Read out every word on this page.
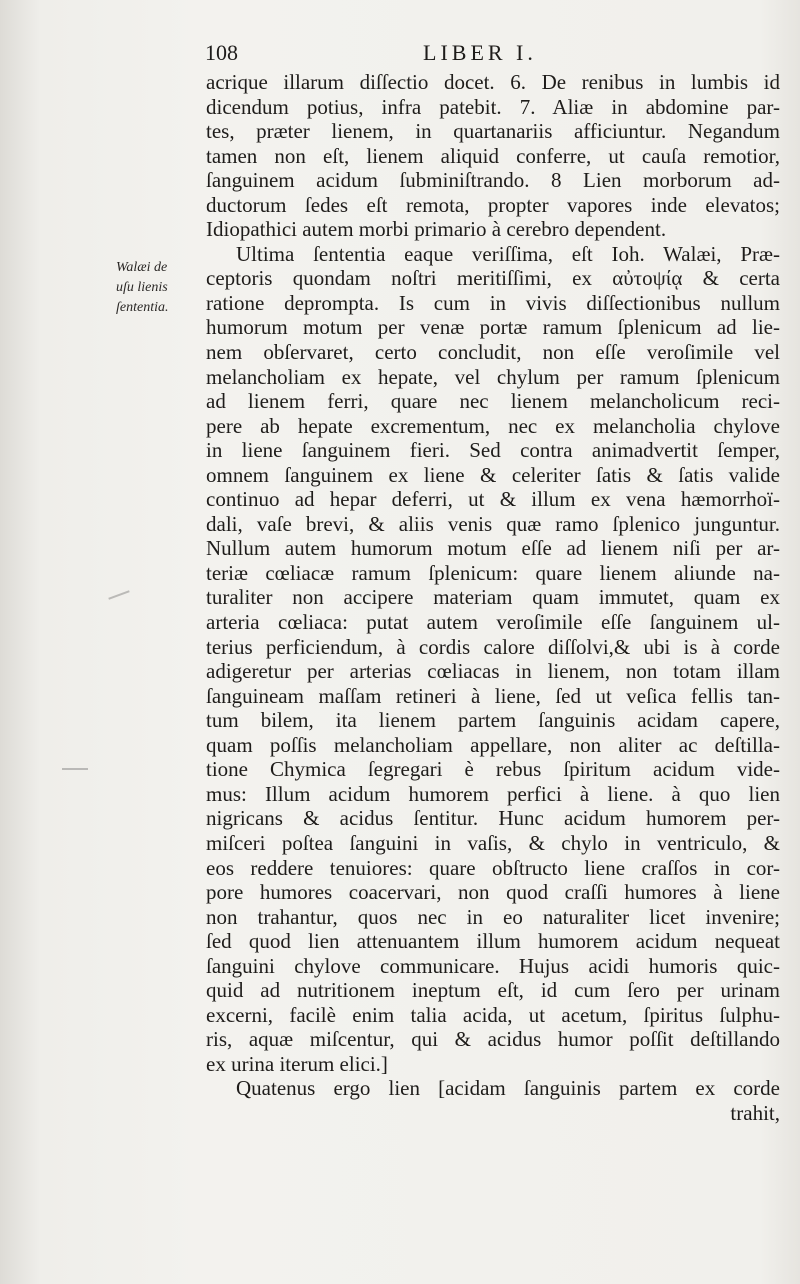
108	LIBER I.
Walæi de
uſu lienis
ſententia.
acrique illarum diſſectio docet. 6. De renibus in lumbis id
dicendum potius, infra patebit. 7. Aliæ in abdomine par-
tes, præter lienem, in quartanariis afficiuntur. Negandum
tamen non eſt, lienem aliquid conferre, ut cauſa remotior,
ſanguinem acidum ſubminiſtrando. 8 Lien morborum ad-
ductorum ſedes eſt remota, propter vapores inde elevatos;
Idiopathici autem morbi primario à cerebro dependent.
Ultima ſententia eaque veriſſima, eſt Ioh. Walæi, Præ-
ceptoris quondam noſtri meritiſſimi, ex αὐτοψίᾳ & certa
ratione deprompta. Is cum in vivis diſſectionibus nullum
humorum motum per venæ portæ ramum ſplenicum ad lie-
nem obſervaret, certo concludit, non eſſe veroſimile vel
melancholiam ex hepate, vel chylum per ramum ſplenicum
ad lienem ferri, quare nec lienem melancholicum reci-
pere ab hepate excrementum, nec ex melancholia chylove
in liene ſanguinem fieri. Sed contra animadvertit ſemper,
omnem ſanguinem ex liene & celeriter ſatis & ſatis valide
continuo ad hepar deferri, ut & illum ex vena hæmorrhoï-
dali, vaſe brevi, & aliis venis quæ ramo ſplenico junguntur.
Nullum autem humorum motum eſſe ad lienem niſi per ar-
teriæ cœliacæ ramum ſplenicum: quare lienem aliunde na-
turaliter non accipere materiam quam immutet, quam ex
arteria cœliaca: putat autem veroſimile eſſe ſanguinem ul-
terius perficiendum, à cordis calore diſſolvi,& ubi is à corde
adigeretur per arterias cœliacas in lienem, non totam illam
ſanguineam maſſam retineri à liene, ſed ut veſica fellis tan-
tum bilem, ita lienem partem ſanguinis acidam capere,
quam poſſis melancholiam appellare, non aliter ac deſtilla-
tione Chymica ſegregari è rebus ſpiritum acidum vide-
mus: Illum acidum humorem perfici à liene. à quo lien
nigricans & acidus ſentitur. Hunc acidum humorem per-
miſceri poſtea ſanguini in vaſis, & chylo in ventriculo, &
eos reddere tenuiores: quare obſtructo liene craſſos in cor-
pore humores coacervari, non quod craſſi humores à liene
non trahantur, quos nec in eo naturaliter licet invenire;
ſed quod lien attenuantem illum humorem acidum nequeat
ſanguini chylove communicare. Hujus acidi humoris quic-
quid ad nutritionem ineptum eſt, id cum ſero per urinam
excerni, facilè enim talia acida, ut acetum, ſpiritus ſulphu-
ris, aquæ miſcentur, qui & acidus humor poſſit deſtillando
ex urina iterum elici.]
Quatenus ergo lien [acidam ſanguinis partem ex corde
trahit,
